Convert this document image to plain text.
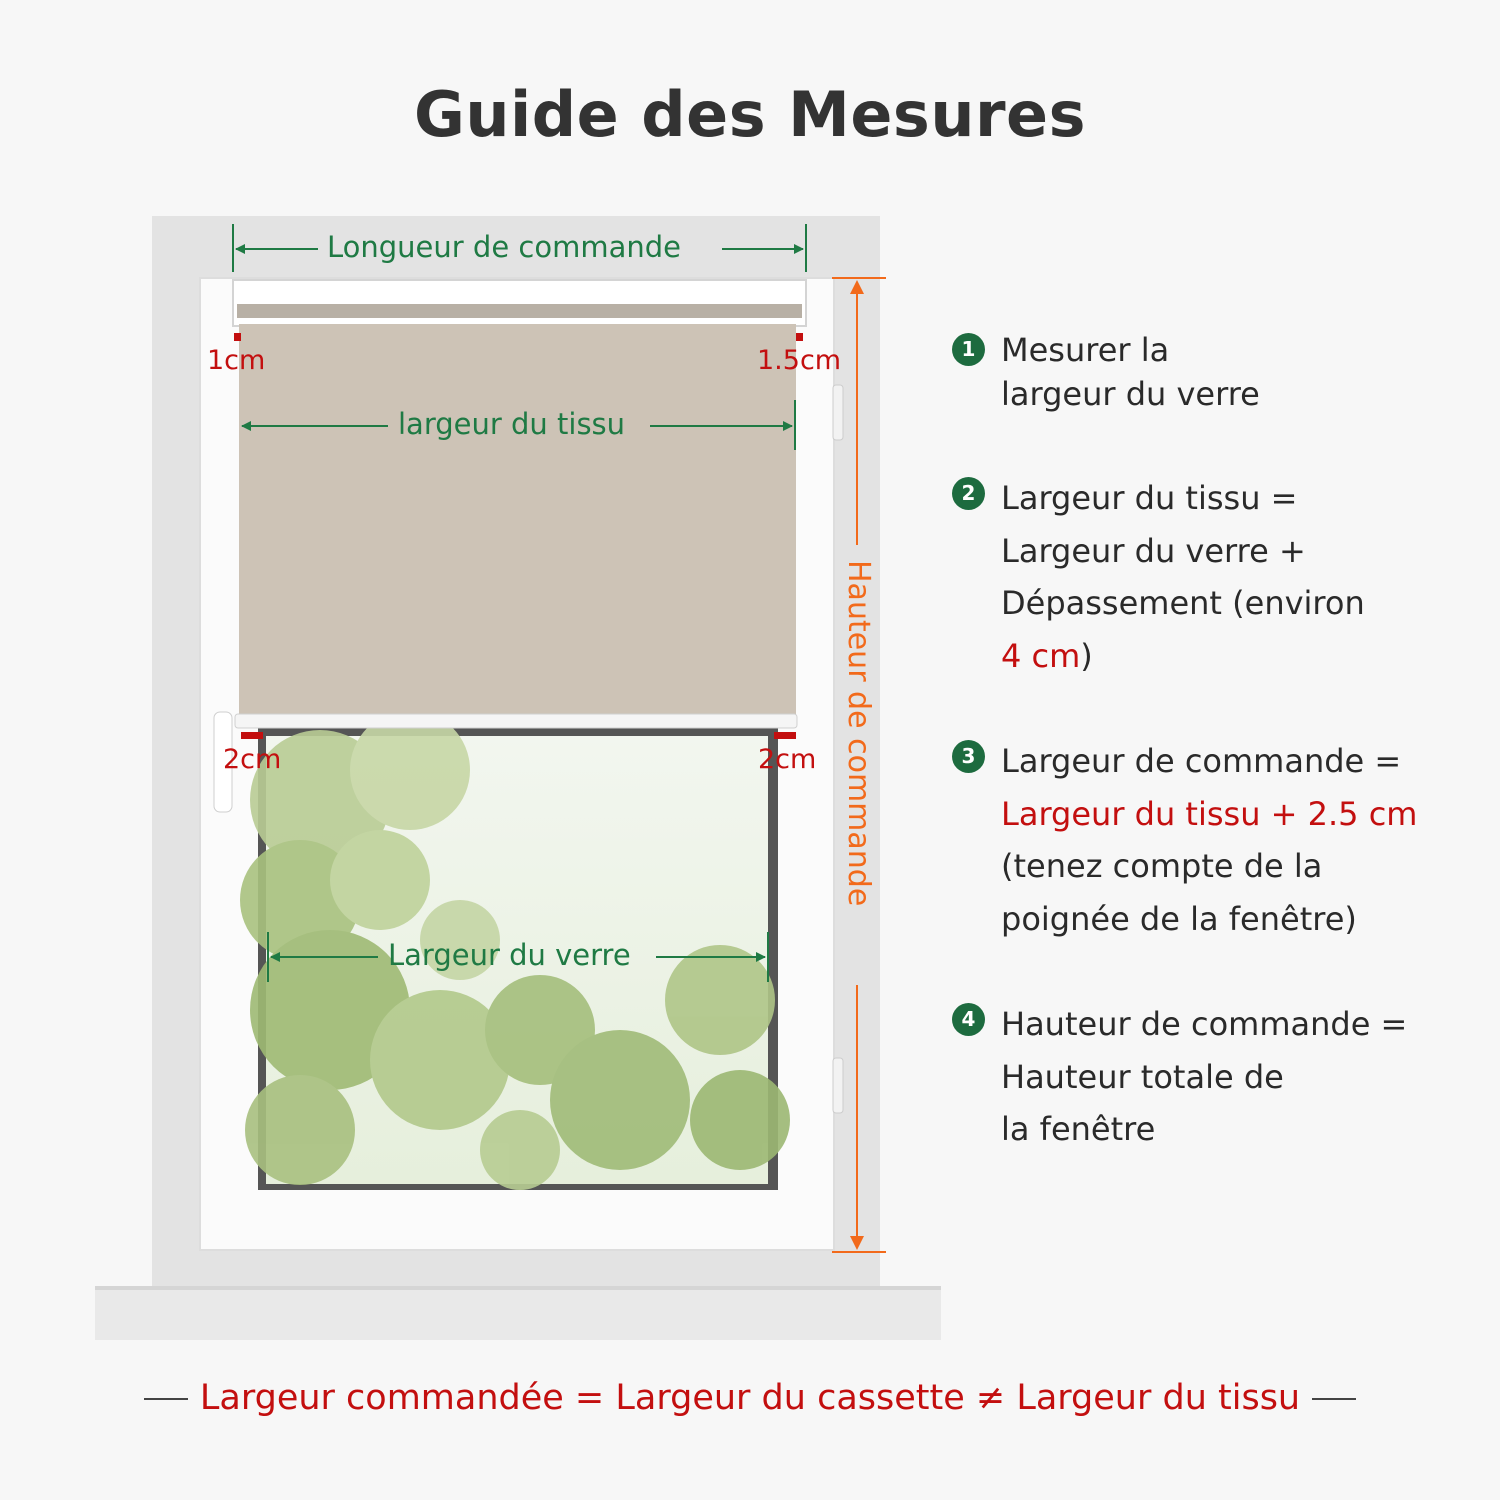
Guide des Mesures
Longueur de commande
largeur du tissu
Largeur du verre
1cm	1.5cm
2cm	2cm Hauteur de commande
1 Mesurer la
largeur du verre
2 Largeur du tissu =
Largeur du verre +
Dépassement (environ
4 cm)
3 Largeur de commande =
Largeur du tissu + 2.5 cm
(tenez compte de la
poignée de la fenêtre)
4 Hauteur de commande =
Hauteur totale de
la fenêtre
Largeur commandée = Largeur du cassette ≠ Largeur du tissu
